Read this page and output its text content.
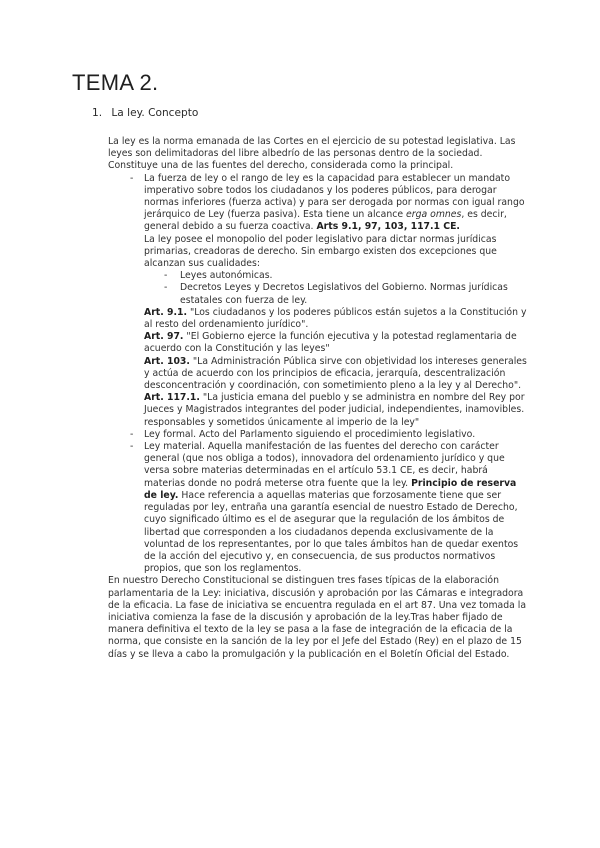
TEMA 2.
1. La ley. Concepto

La ley es la norma emanada de las Cortes en el ejercicio de su potestad legislativa. Las leyes son delimitadoras del libre albedrío de las personas dentro de la sociedad. Constituye una de las fuentes del derecho, considerada como la principal.

- La fuerza de ley o el rango de ley es la capacidad para establecer un mandato imperativo sobre todos los ciudadanos y los poderes públicos, para derogar normas inferiores (fuerza activa) y para ser derogada por normas con igual rango jerárquico de Ley (fuerza pasiva). Esta tiene un alcance erga omnes, es decir, general debido a su fuerza coactiva. Arts 9.1, 97, 103, 117.1 CE.

La ley posee el monopolio del poder legislativo para dictar normas jurídicas primarias, creadoras de derecho. Sin embargo existen dos excepciones que alcanzan sus cualidades:

- Leyes autonómicas.
- Decretos Leyes y Decretos Legislativos del Gobierno. Normas jurídicas estatales con fuerza de ley.

Art. 9.1. "Los ciudadanos y los poderes públicos están sujetos a la Constitución y al resto del ordenamiento jurídico".

Art. 97. "El Gobierno ejerce la función ejecutiva y la potestad reglamentaria de acuerdo con la Constitución y las leyes"

Art. 103. "La Administración Pública sirve con objetividad los intereses generales y actúa de acuerdo con los principios de eficacia, jerarquía, descentralización desconcentración y coordinación, con sometimiento pleno a la ley y al Derecho".

Art. 117.1. "La justicia emana del pueblo y se administra en nombre del Rey por Jueces y Magistrados integrantes del poder judicial, independientes, inamovibles. responsables y sometidos únicamente al imperio de la ley"

- Ley formal. Acto del Parlamento siguiendo el procedimiento legislativo.
- Ley material. Aquella manifestación de las fuentes del derecho con carácter general (que nos obliga a todos), innovadora del ordenamiento jurídico y que versa sobre materias determinadas en el artículo 53.1 CE, es decir, habrá materias donde no podrá meterse otra fuente que la ley. Principio de reserva de ley. Hace referencia a aquellas materias que forzosamente tiene que ser reguladas por ley, entraña una garantía esencial de nuestro Estado de Derecho, cuyo significado último es el de asegurar que la regulación de los ámbitos de libertad que corresponden a los ciudadanos dependa exclusivamente de la voluntad de los representantes, por lo que tales ámbitos han de quedar exentos de la acción del ejecutivo y, en consecuencia, de sus productos normativos propios, que son los reglamentos.

En nuestro Derecho Constitucional se distinguen tres fases típicas de la elaboración parlamentaria de la Ley: iniciativa, discusión y aprobación por las Cámaras e integradora de la eficacia. La fase de iniciativa se encuentra regulada en el art 87. Una vez tomada la iniciativa comienza la fase de la discusión y aprobación de la ley.Tras haber fijado de manera definitiva el texto de la ley se pasa a la fase de integración de la eficacia de la norma, que consiste en la sanción de la ley por el Jefe del Estado (Rey) en el plazo de 15 días y se lleva a cabo la promulgación y la publicación en el Boletín Oficial del Estado.
